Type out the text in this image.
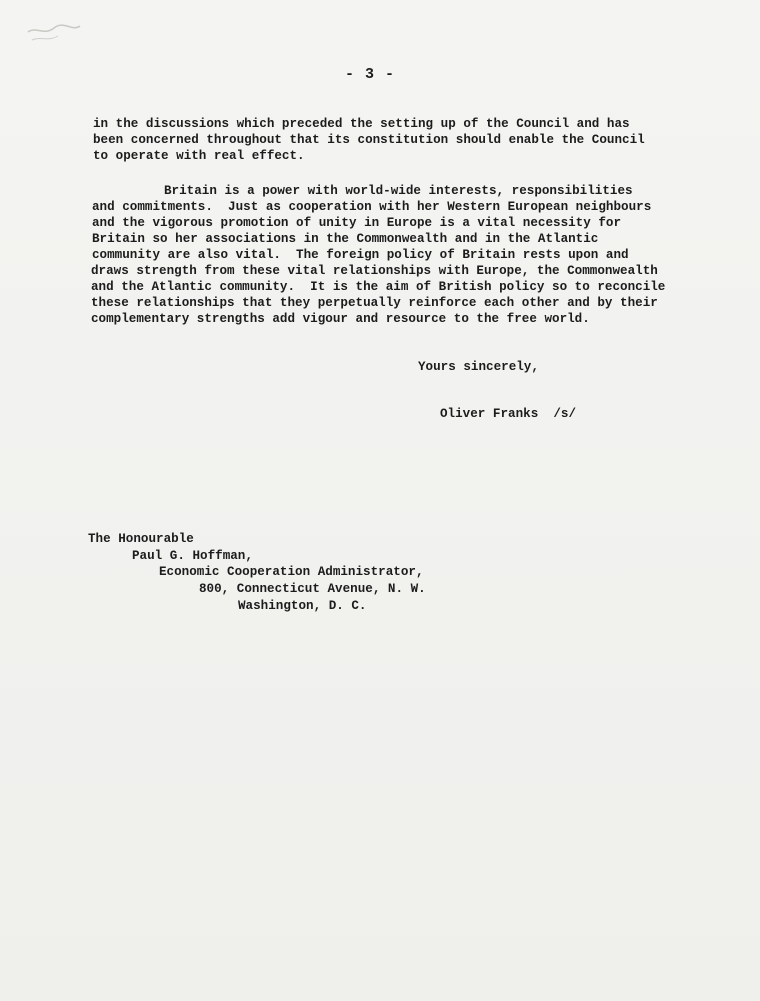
- 3 -
in the discussions which preceded the setting up of the Council and has
been concerned throughout that its constitution should enable the Council
to operate with real effect.
Britain is a power with world-wide interests, responsibilities
and commitments.  Just as cooperation with her Western European neighbours
and the vigorous promotion of unity in Europe is a vital necessity for
Britain so her associations in the Commonwealth and in the Atlantic
community are also vital.  The foreign policy of Britain rests upon and
draws strength from these vital relationships with Europe, the Commonwealth
and the Atlantic community.  It is the aim of British policy so to reconcile
these relationships that they perpetually reinforce each other and by their
complementary strengths add vigour and resource to the free world.
Yours sincerely,
Oliver Franks  /s/
The Honourable
Paul G. Hoffman,
Economic Cooperation Administrator,
800, Connecticut Avenue, N. W.
Washington, D. C.
